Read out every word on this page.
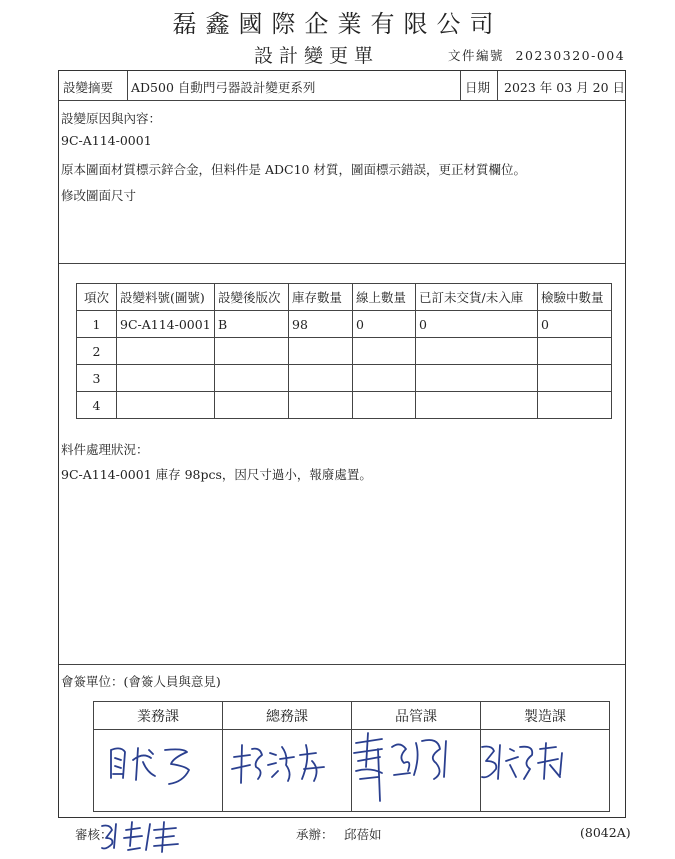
磊鑫國際企業有限公司
設計變更單	文件編號 20230320-004
設變摘要 AD500 自動門弓器設計變更系列	日期 2023 年 03 月 20 日
設變原因與內容：
9C-A114-0001
原本圖面材質標示鋅合金，但料件是 ADC10 材質，圖面標示錯誤，更正材質欄位。
修改圖面尺寸
項次	設變料號(圖號)	設變後版次	庫存數量	線上數量	已訂未交貨/未入庫	檢驗中數量
1	9C-A114-0001	B	98	0	0	0
2						
3						
4						
料件處理狀況：
9C-A114-0001 庫存 98pcs，因尺寸過小，報廢處置。
會簽單位：(會簽人員與意見)
業務課	總務課	品管課	製造課

審核：	承辦： 邱蓓如	(8042A)
